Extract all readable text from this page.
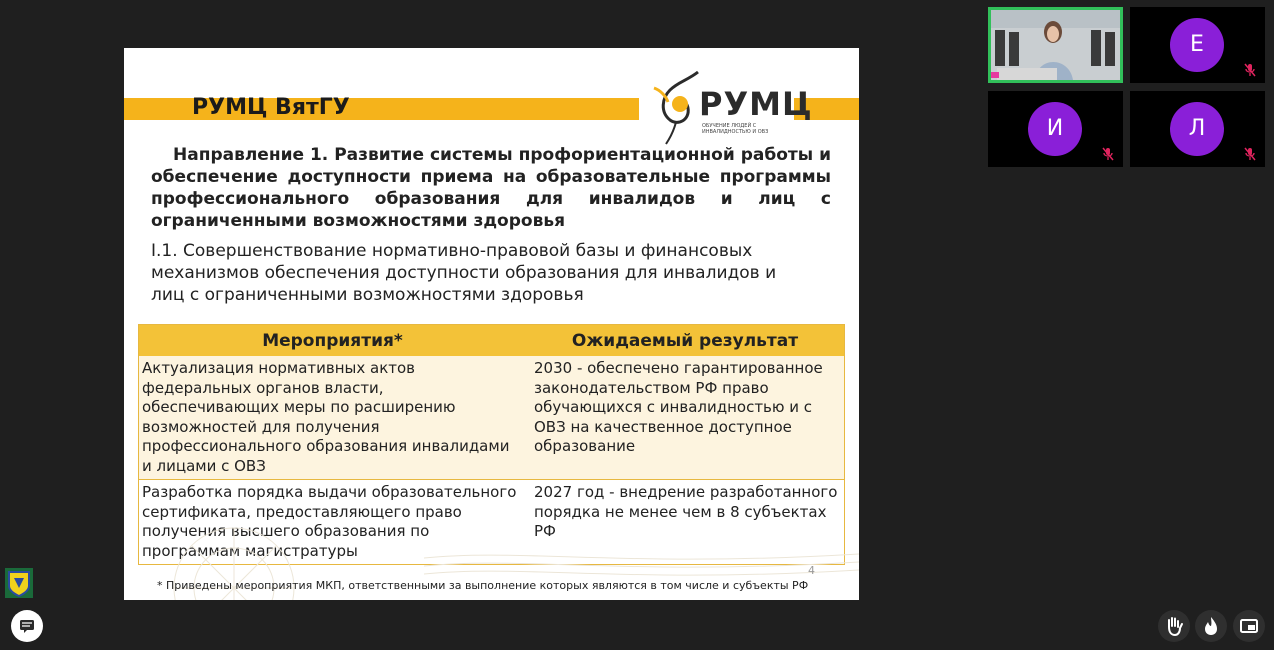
РУМЦ ВятГУ	РУМЦ
ОБУЧЕНИЕ ЛЮДЕЙ С ИНВАЛИДНОСТЬЮ И ОВЗ
Направление 1. Развитие системы профориентационной работы и обеспечение доступности приема на образовательные программы профессионального образования для инвалидов и лиц с ограниченными возможностями здоровья
I.1. Совершенствование нормативно-правовой базы и финансовых механизмов обеспечения доступности образования для инвалидов и лиц с ограниченными возможностями здоровья
Мероприятия*	Ожидаемый результат
Актуализация нормативных актов федеральных органов власти, обеспечивающих меры по расширению возможностей для получения профессионального образования инвалидами и лицами с ОВЗ	2030 - обеспечено гарантированное законодательством РФ право обучающихся с инвалидностью и с ОВЗ на качественное доступное образование
Разработка порядка выдачи образовательного сертификата, предоставляющего право получения высшего образования по программам магистратуры	2027 год - внедрение разработанного порядка не менее чем в 8 субъектах РФ
4
* Приведены мероприятия МКП, ответственными за выполнение которых являются в том числе и субъекты РФ
Е
И	Л
